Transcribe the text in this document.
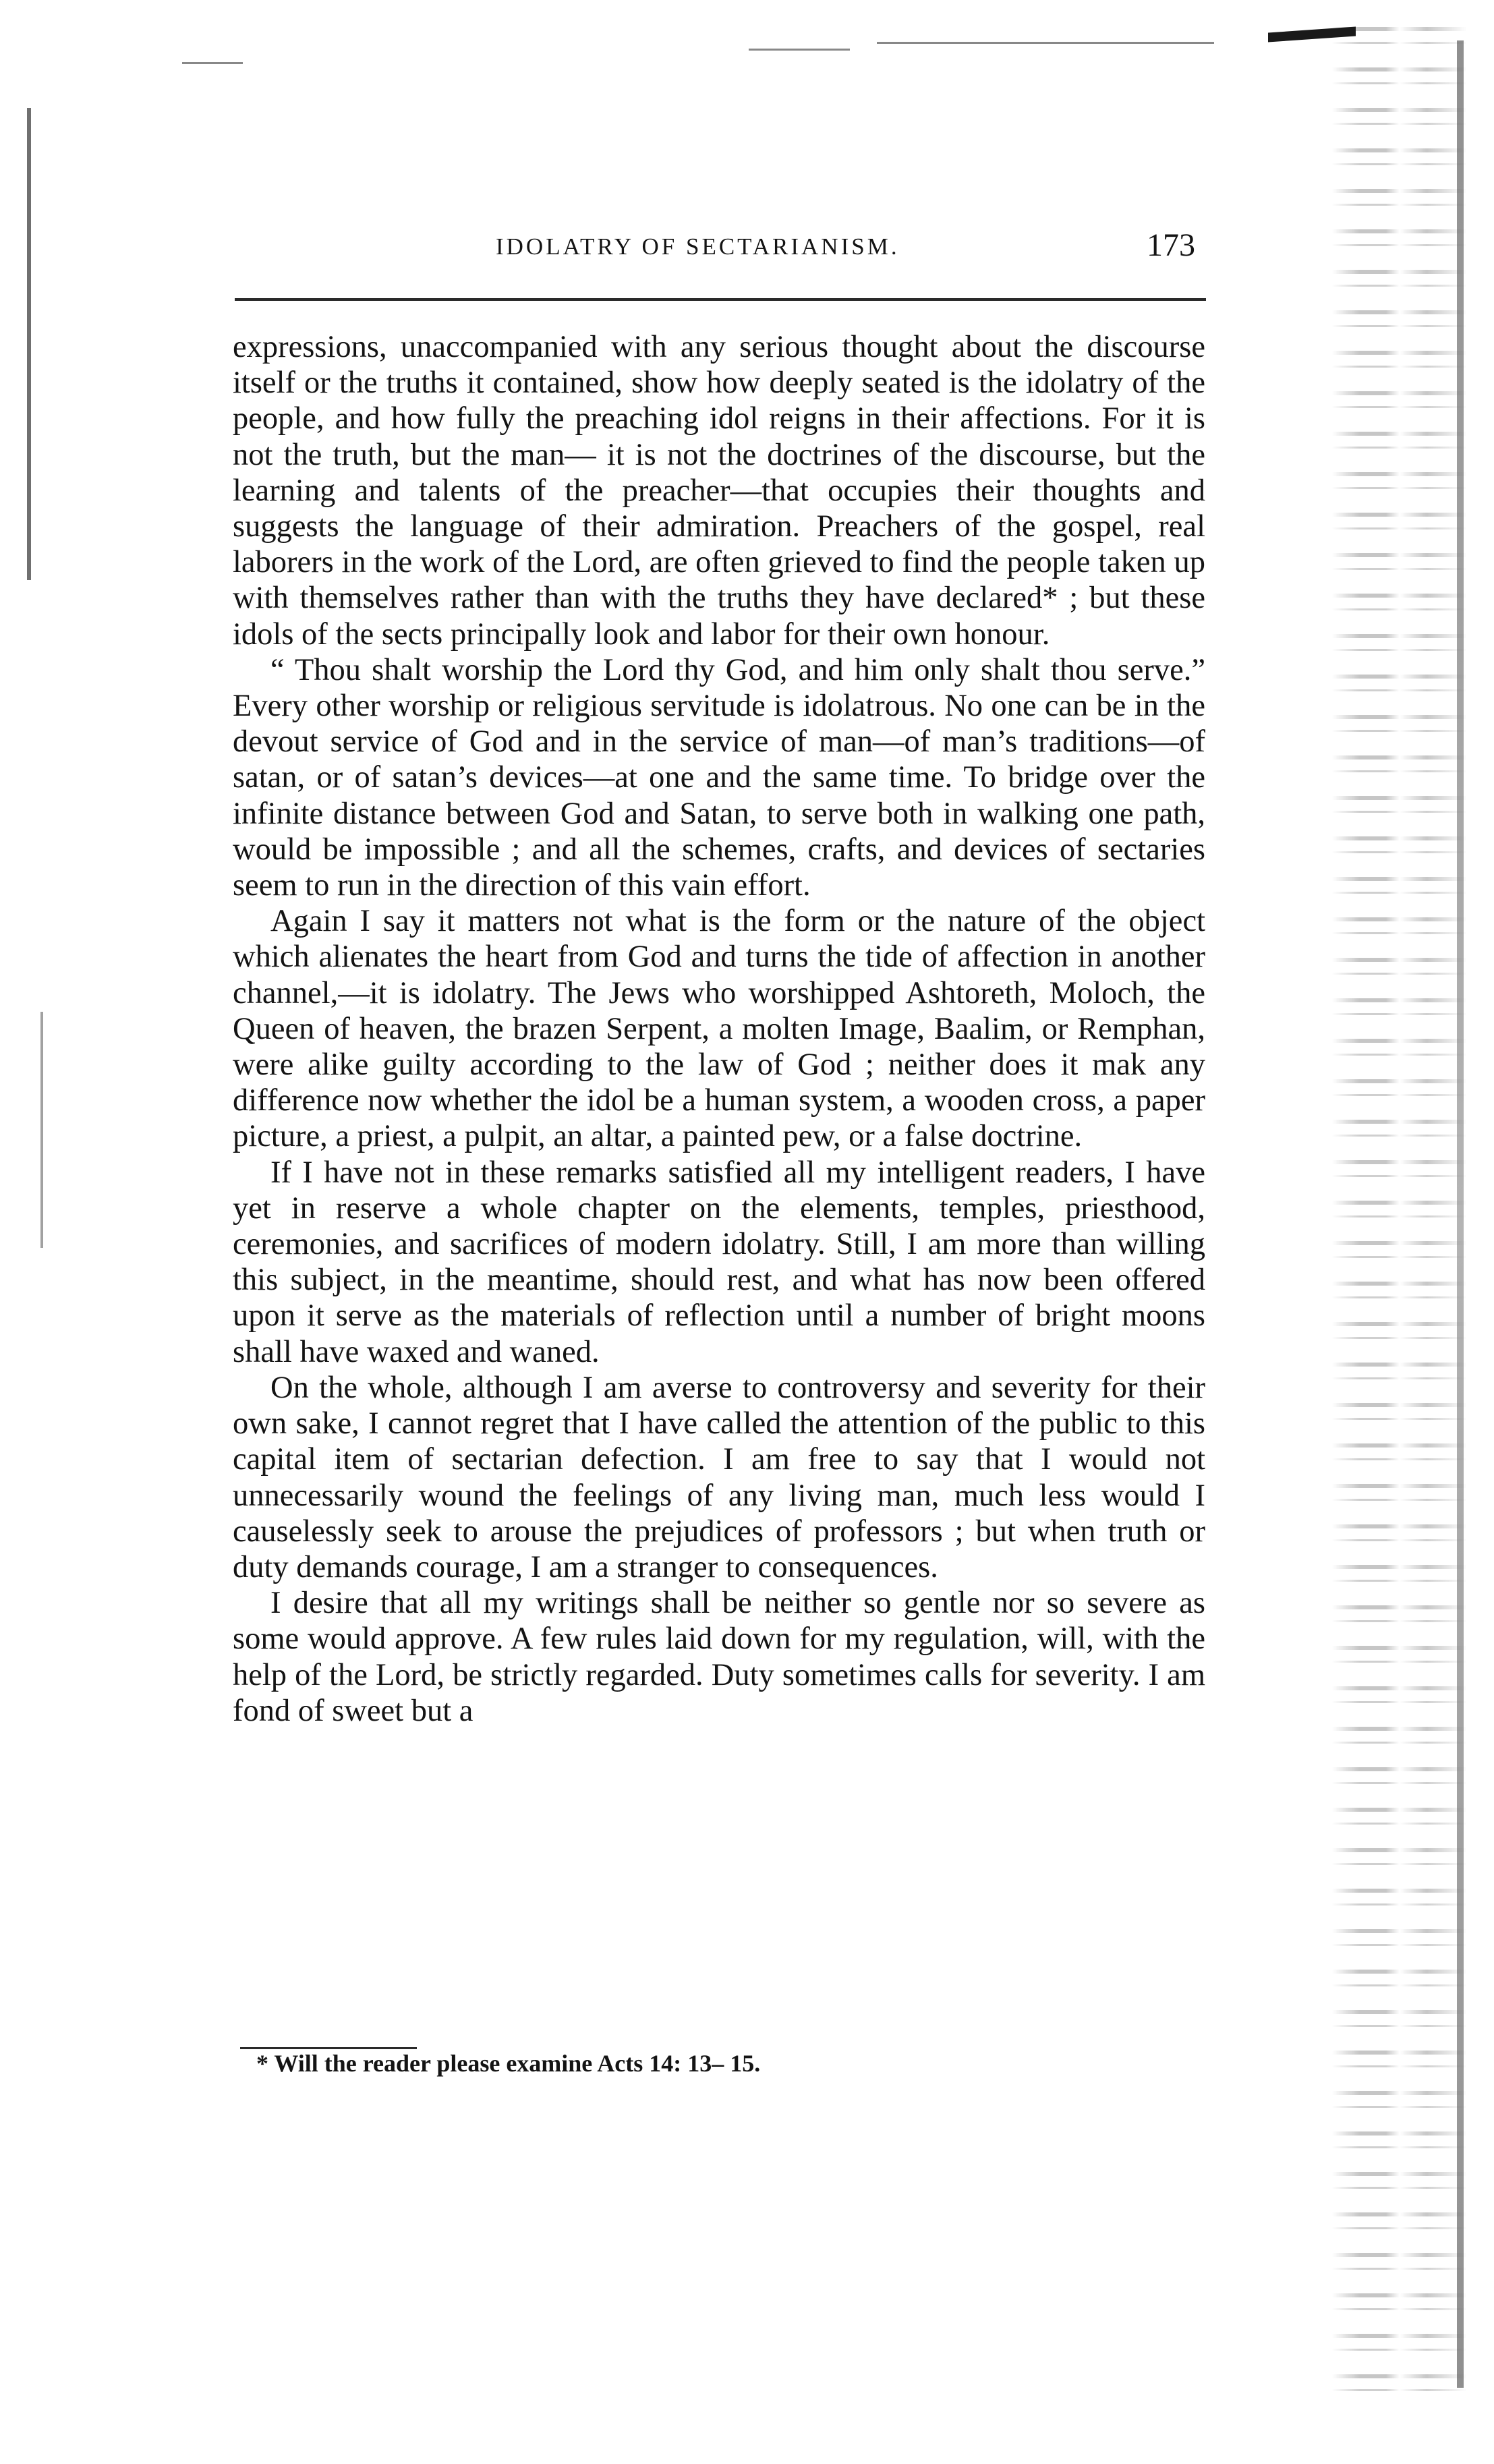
IDOLATRY OF SECTARIANISM.	173

expressions, unaccompanied with any serious thought about the discourse itself or the truths it contained, show how deeply seated is the idolatry of the people, and how fully the preaching idol reigns in their affections. For it is not the truth, but the man— it is not the doctrines of the discourse, but the learning and talents of the preacher—that occupies their thoughts and suggests the language of their admiration. Preachers of the gospel, real laborers in the work of the Lord, are often grieved to find the people taken up with themselves rather than with the truths they have declared* ; but these idols of the sects principally look and labor for their own honour.

“ Thou shalt worship the Lord thy God, and him only shalt thou serve.” Every other worship or religious servitude is idolatrous. No one can be in the devout service of God and in the service of man—of man’s traditions—of satan, or of satan’s devices—at one and the same time. To bridge over the infinite distance between God and Satan, to serve both in walking one path, would be impossible ; and all the schemes, crafts, and devices of sectaries seem to run in the direction of this vain effort.

Again I say it matters not what is the form or the nature of the object which alienates the heart from God and turns the tide of affection in another channel,—it is idolatry. The Jews who worshipped Ashtoreth, Moloch, the Queen of heaven, the brazen Serpent, a molten Image, Baalim, or Remphan, were alike guilty according to the law of God ; neither does it mak any difference now whether the idol be a human system, a wooden cross, a paper picture, a priest, a pulpit, an altar, a painted pew, or a false doctrine.

If I have not in these remarks satisfied all my intelligent readers, I have yet in reserve a whole chapter on the elements, temples, priesthood, ceremonies, and sacrifices of modern idolatry. Still, I am more than willing this subject, in the meantime, should rest, and what has now been offered upon it serve as the materials of reflection until a number of bright moons shall have waxed and waned.

On the whole, although I am averse to controversy and severity for their own sake, I cannot regret that I have called the attention of the public to this capital item of sectarian defection. I am free to say that I would not unnecessarily wound the feelings of any living man, much less would I causelessly seek to arouse the prejudices of professors ; but when truth or duty demands courage, I am a stranger to consequences.

I desire that all my writings shall be neither so gentle nor so severe as some would approve. A few rules laid down for my regulation, will, with the help of the Lord, be strictly regarded. Duty sometimes calls for severity. I am fond of sweet but a

* Will the reader please examine Acts 14: 13– 15.
